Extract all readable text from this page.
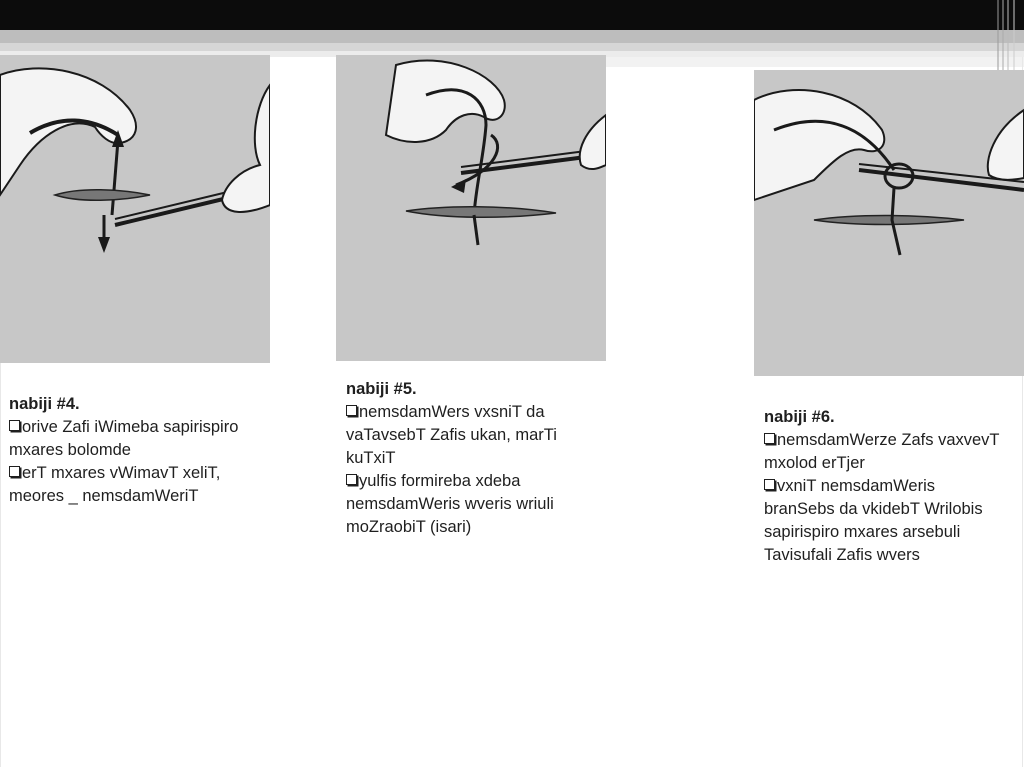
nabiji #4.
orive Zafi iWimeba sapirispiro mxares bolomde
erT mxares vWimavT xeliT, meores _ nemsdamWeriT
nabiji #5.
nemsdamWers vxsniT da vaTavsebT Zafis ukan, marTi kuTxiT
yulfis formireba xdeba nemsdamWeris wveris wriuli moZraobiT (isari)
nabiji #6.
nemsdamWerze Zafs vaxvevT mxolod erTjer
vxniT nemsdamWeris branSebs da vkidebT Wrilobis sapirispiro mxares arsebuli Tavisufali Zafis wvers
